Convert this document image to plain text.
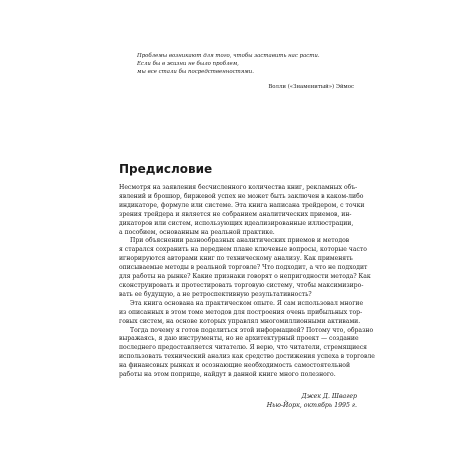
Проблемы возникают для того, чтобы заставить нас расти.
Если бы в жизни не было проблем,
мы все стали бы посредственностями.
Волли («Знаменитый») Эймос
Предисловие
Несмотря на заявления бесчисленного количества книг, рекламных объ-
явлений и брошюр, биржевой успех не может быть заключен в каком-либо
индикаторе, формуле или системе. Эта книга написана трейдером, с точки
зрения трейдера и является не собранием аналитических приемов, ин-
дикаторов или систем, использующих идеализированные иллюстрации,
а пособием, основанным на реальной практике.
При объяснении разнообразных аналитических приемов и методов
я старался сохранить на переднем плане ключевые вопросы, которые часто
игнорируются авторами книг по техническому анализу. Как применять
описываемые методы в реальной торговле? Что подходит, а что не подходит
для работы на рынке? Какие признаки говорят о непригодности метода? Как
сконструировать и протестировать торговую систему, чтобы максимизиро-
вать ее будущую, а не ретроспективную результативность?
Эта книга основана на практическом опыте. Я сам использовал многие
из описанных в этом томе методов для построения очень прибыльных тор-
говых систем, на основе которых управлял многомиллионными активами.
Тогда почему я готов поделиться этой информацией? Потому что, образно
выражаясь, я даю инструменты, но не архитектурный проект — создание
последнего предоставляется читателю. Я верю, что читатели, стремящиеся
использовать технический анализ как средство достижения успеха в торговле
на финансовых рынках и осознающие необходимость самостоятельной
работы на этом поприще, найдут в данной книге много полезного.
Джек Д. Швагер
Нью-Йорк, октябрь 1995 г.
